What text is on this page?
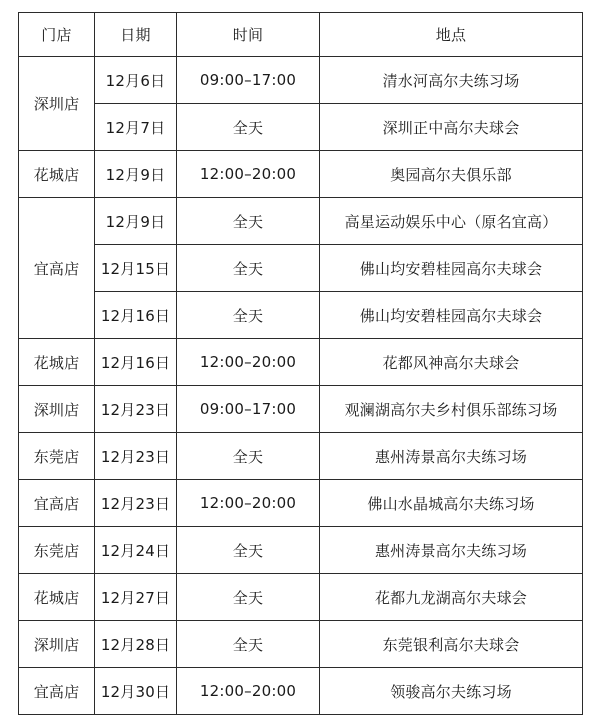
门店	日期	时间	地点
深圳店	12月6日	09:00–17:00	清水河高尔夫练习场
	12月7日	全天	深圳正中高尔夫球会
花城店	12月9日	12:00–20:00	奥园高尔夫俱乐部
宜高店	12月9日	全天	高星运动娱乐中心（原名宜高）
	12月15日	全天	佛山均安碧桂园高尔夫球会
	12月16日	全天	佛山均安碧桂园高尔夫球会
花城店	12月16日	12:00–20:00	花都风神高尔夫球会
深圳店	12月23日	09:00–17:00	观澜湖高尔夫乡村俱乐部练习场
东莞店	12月23日	全天	惠州涛景高尔夫练习场
宜高店	12月23日	12:00–20:00	佛山水晶城高尔夫练习场
东莞店	12月24日	全天	惠州涛景高尔夫练习场
花城店	12月27日	全天	花都九龙湖高尔夫球会
深圳店	12月28日	全天	东莞银利高尔夫球会
宜高店	12月30日	12:00–20:00	领骏高尔夫练习场
